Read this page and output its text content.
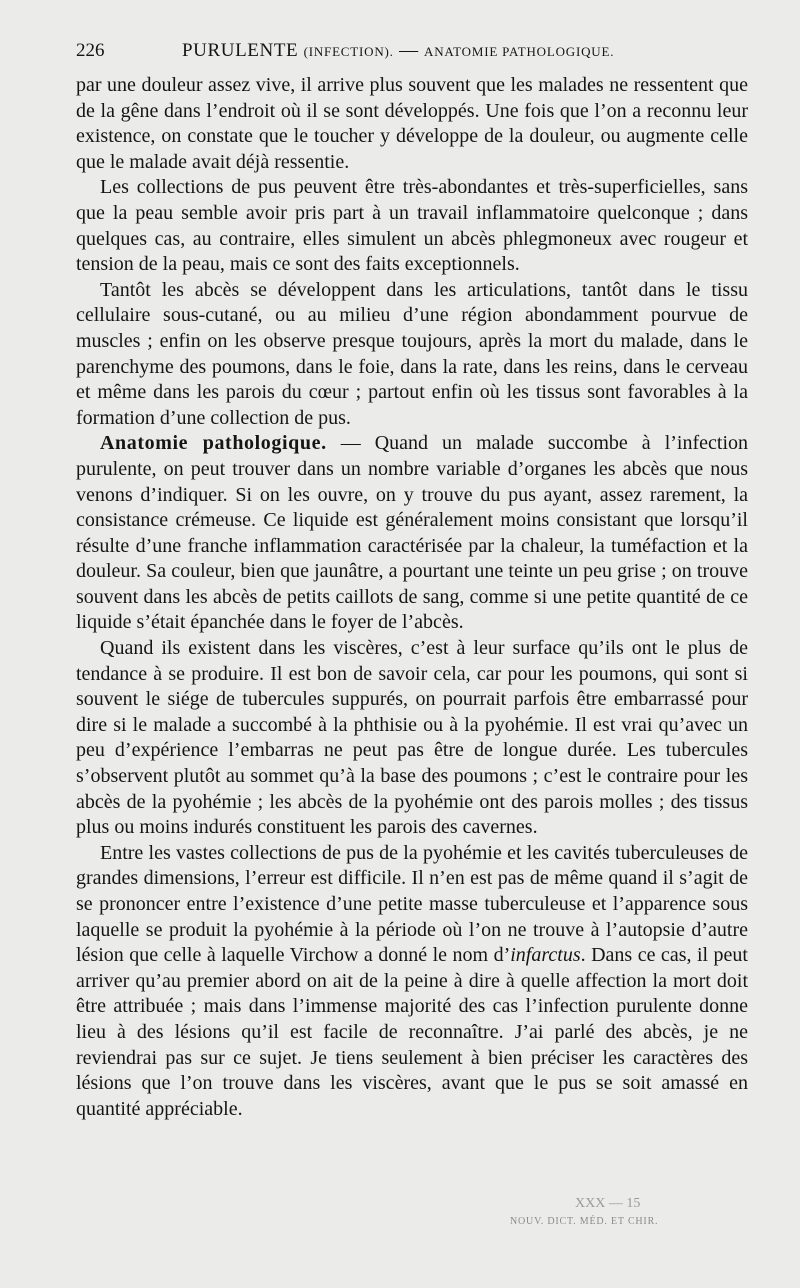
226	PURULENTE (INFECTION). — ANATOMIE PATHOLOGIQUE.

par une douleur assez vive, il arrive plus souvent que les malades ne ressentent que de la gêne dans l’endroit où il se sont développés. Une fois que l’on a reconnu leur existence, on constate que le toucher y développe de la douleur, ou augmente celle que le malade avait déjà ressentie.

Les collections de pus peuvent être très-abondantes et très-superficielles, sans que la peau semble avoir pris part à un travail inflammatoire quelconque ; dans quelques cas, au contraire, elles simulent un abcès phlegmoneux avec rougeur et tension de la peau, mais ce sont des faits exceptionnels.

Tantôt les abcès se développent dans les articulations, tantôt dans le tissu cellulaire sous-cutané, ou au milieu d’une région abondamment pourvue de muscles ; enfin on les observe presque toujours, après la mort du malade, dans le parenchyme des poumons, dans le foie, dans la rate, dans les reins, dans le cerveau et même dans les parois du cœur ; partout enfin où les tissus sont favorables à la formation d’une collection de pus.

Anatomie pathologique. — Quand un malade succombe à l’infection purulente, on peut trouver dans un nombre variable d’organes les abcès que nous venons d’indiquer. Si on les ouvre, on y trouve du pus ayant, assez rarement, la consistance crémeuse. Ce liquide est généralement moins consistant que lorsqu’il résulte d’une franche inflammation caractérisée par la chaleur, la tuméfaction et la douleur. Sa couleur, bien que jaunâtre, a pourtant une teinte un peu grise ; on trouve souvent dans les abcès de petits caillots de sang, comme si une petite quantité de ce liquide s’était épanchée dans le foyer de l’abcès.

Quand ils existent dans les viscères, c’est à leur surface qu’ils ont le plus de tendance à se produire. Il est bon de savoir cela, car pour les poumons, qui sont si souvent le siége de tubercules suppurés, on pourrait parfois être embarrassé pour dire si le malade a succombé à la phthisie ou à la pyohémie. Il est vrai qu’avec un peu d’expérience l’embarras ne peut pas être de longue durée. Les tubercules s’observent plutôt au sommet qu’à la base des poumons ; c’est le contraire pour les abcès de la pyohémie ; les abcès de la pyohémie ont des parois molles ; des tissus plus ou moins indurés constituent les parois des cavernes.

Entre les vastes collections de pus de la pyohémie et les cavités tuberculeuses de grandes dimensions, l’erreur est difficile. Il n’en est pas de même quand il s’agit de se prononcer entre l’existence d’une petite masse tuberculeuse et l’apparence sous laquelle se produit la pyohémie à la période où l’on ne trouve à l’autopsie d’autre lésion que celle à laquelle Virchow a donné le nom d’infarctus. Dans ce cas, il peut arriver qu’au premier abord on ait de la peine à dire à quelle affection la mort doit être attribuée ; mais dans l’immense majorité des cas l’infection purulente donne lieu à des lésions qu’il est facile de reconnaître. J’ai parlé des abcès, je ne reviendrai pas sur ce sujet. Je tiens seulement à bien préciser les caractères des lésions que l’on trouve dans les viscères, avant que le pus se soit amassé en quantité appréciable.

XXX — 15
NOUV. DICT. MÉD. ET CHIR.
